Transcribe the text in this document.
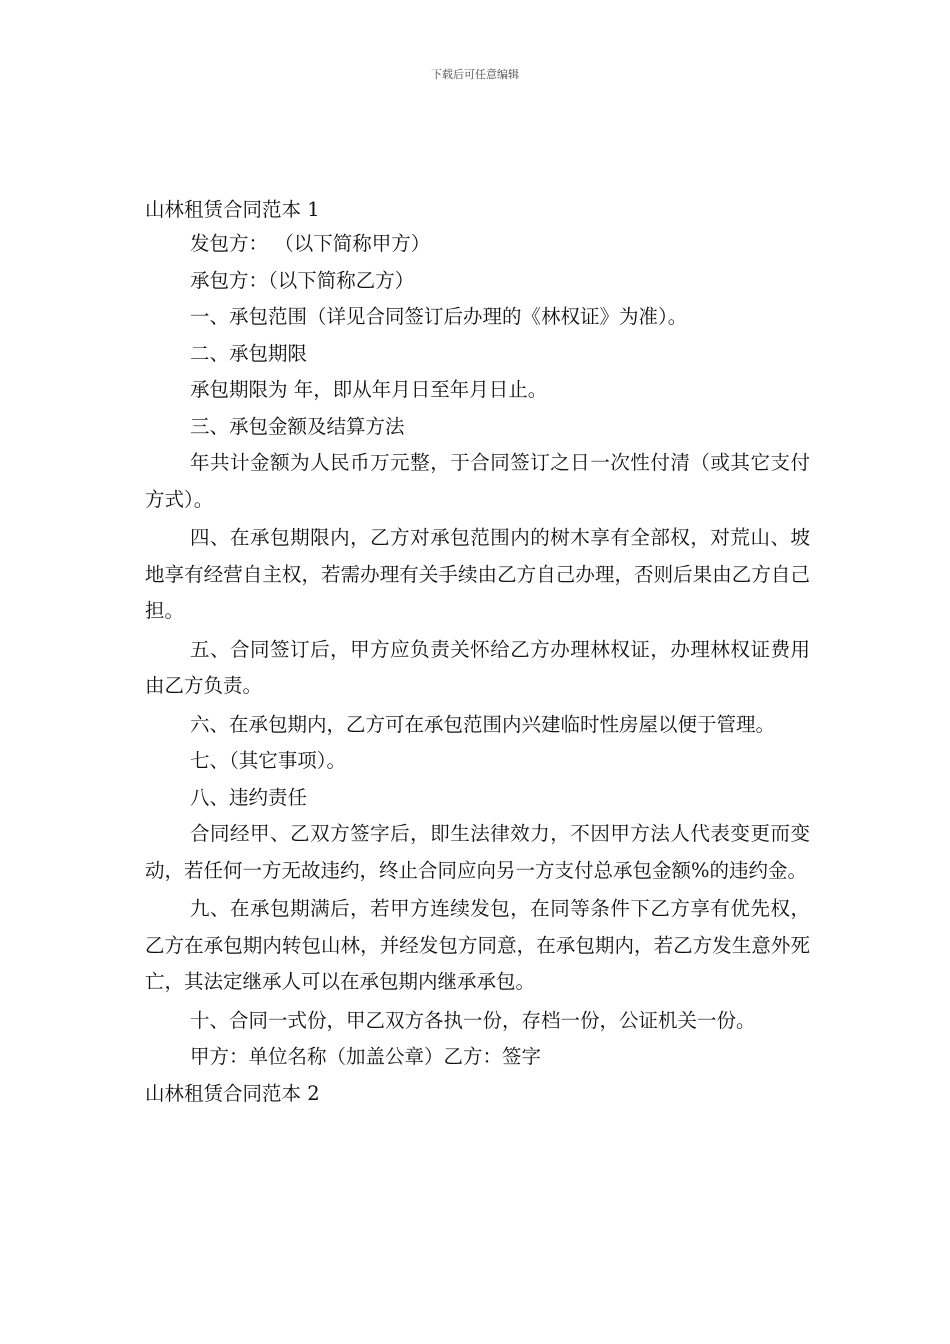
下载后可任意编辑

山林租赁合同范本 1

发包方： （以下简称甲方）

承包方：（以下简称乙方）

一、承包范围（详见合同签订后办理的《林权证》为准）。

二、承包期限

承包期限为 年，即从年月日至年月日止。

三、承包金额及结算方法

年共计金额为人民币万元整，于合同签订之日一次性付清（或其它支付方式）。

四、在承包期限内，乙方对承包范围内的树木享有全部权，对荒山、坡地享有经营自主权，若需办理有关手续由乙方自己办理，否则后果由乙方自己 担。

五、合同签订后，甲方应负责关怀给乙方办理林权证，办理林权证费用由乙方负责。

六、在承包期内，乙方可在承包范围内兴建临时性房屋以便于管理。

七、（其它事项）。

八、违约责任

合同经甲、乙双方签字后，即生法律效力，不因甲方法人代表变更而变动，若任何一方无故违约，终止合同应向另一方支付总承包金额%的违约金。

九、在承包期满后，若甲方连续发包，在同等条件下乙方享有优先权，乙方在承包期内转包山林，并经发包方同意，在承包期内，若乙方发生意外死亡，其法定继承人可以在承包期内继承承包。

十、合同一式份，甲乙双方各执一份，存档一份，公证机关一份。

甲方：单位名称（加盖公章）乙方：签字

山林租赁合同范本 2
